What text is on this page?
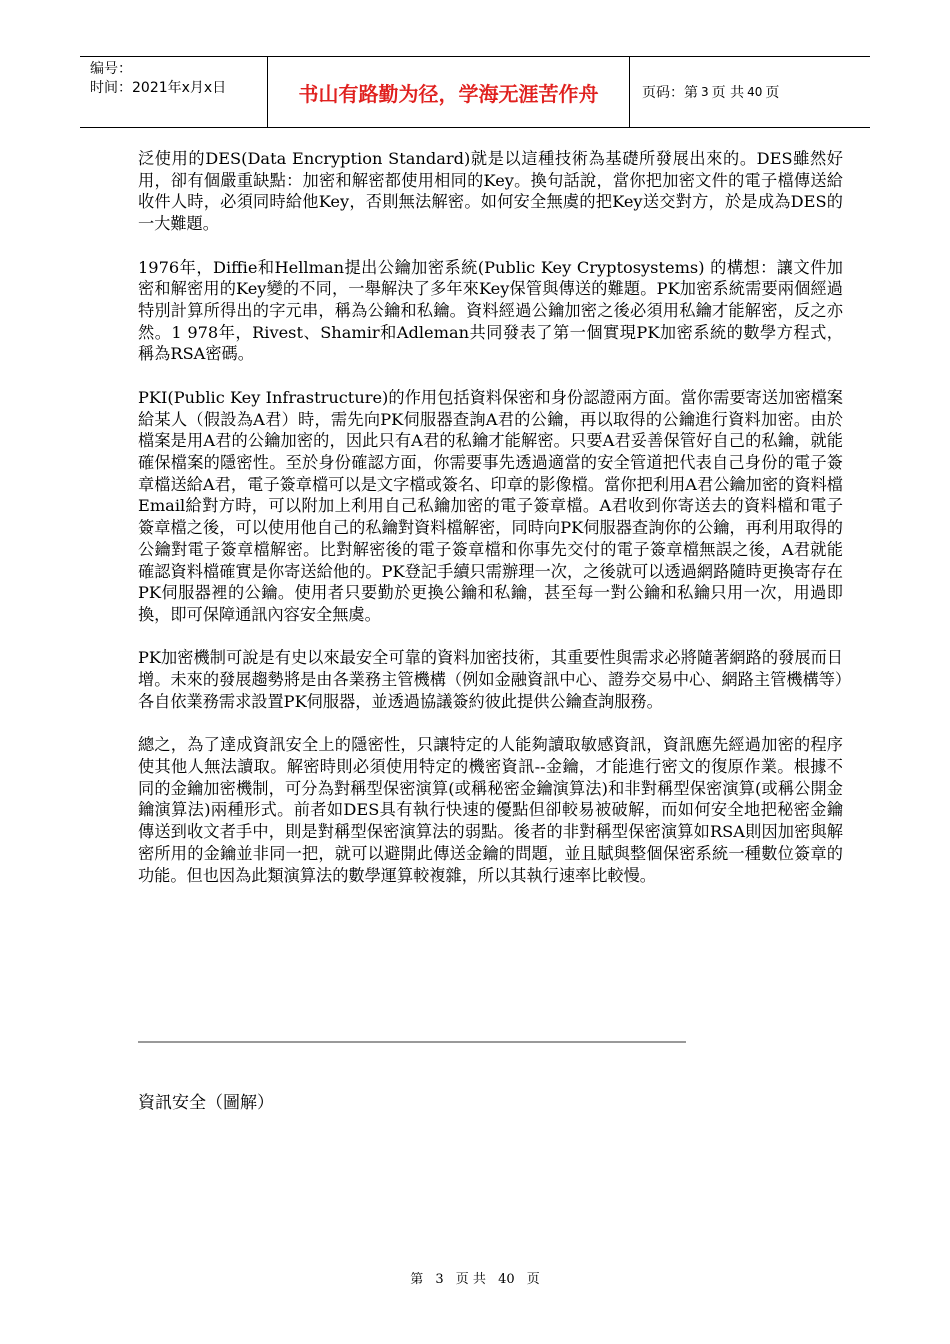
编号：
时间：2021年x月x日	书山有路勤为径，学海无涯苦作舟	页码：第 3 页 共 40 页

泛使用的DES(Data Encryption Standard)就是以這種技術為基礎所發展出來的。DES雖然好用，卻有個嚴重缺點：加密和解密都使用相同的Key。換句話說，當你把加密文件的電子檔傳送給收件人時，必須同時給他Key，否則無法解密。如何安全無虞的把Key送交對方，於是成為DES的一大難題。

1976年，Diffie和Hellman提出公鑰加密系統(Public Key Cryptosystems) 的構想：讓文件加密和解密用的Key變的不同，一舉解決了多年來Key保管與傳送的難題。PK加密系統需要兩個經過特別計算所得出的字元串，稱為公鑰和私鑰。資料經過公鑰加密之後必須用私鑰才能解密，反之亦然。1 978年，Rivest、Shamir和Adleman共同發表了第一個實現PK加密系統的數學方程式，稱為RSA密碼。

PKI(Public Key Infrastructure)的作用包括資料保密和身份認證兩方面。當你需要寄送加密檔案給某人（假設為A君）時，需先向PK伺服器查詢A君的公鑰，再以取得的公鑰進行資料加密。由於檔案是用A君的公鑰加密的，因此只有A君的私鑰才能解密。只要A君妥善保管好自己的私鑰，就能確保檔案的隱密性。至於身份確認方面，你需要事先透過適當的安全管道把代表自己身份的電子簽章檔送給A君，電子簽章檔可以是文字檔或簽名、印章的影像檔。當你把利用A君公鑰加密的資料檔Email給對方時，可以附加上利用自己私鑰加密的電子簽章檔。A君收到你寄送去的資料檔和電子簽章檔之後，可以使用他自己的私鑰對資料檔解密，同時向PK伺服器查詢你的公鑰，再利用取得的公鑰對電子簽章檔解密。比對解密後的電子簽章檔和你事先交付的電子簽章檔無誤之後，A君就能確認資料檔確實是你寄送給他的。PK登記手續只需辦理一次，之後就可以透過網路隨時更換寄存在PK伺服器裡的公鑰。使用者只要勤於更換公鑰和私鑰，甚至每一對公鑰和私鑰只用一次，用過即換，即可保障通訊內容安全無虞。

PK加密機制可說是有史以來最安全可靠的資料加密技術，其重要性與需求必將隨著網路的發展而日增。未來的發展趨勢將是由各業務主管機構（例如金融資訊中心、證券交易中心、網路主管機構等）各自依業務需求設置PK伺服器，並透過協議簽約彼此提供公鑰查詢服務。

總之，為了達成資訊安全上的隱密性，只讓特定的人能夠讀取敏感資訊，資訊應先經過加密的程序使其他人無法讀取。解密時則必須使用特定的機密資訊--金鑰，才能進行密文的復原作業。根據不同的金鑰加密機制，可分為對稱型保密演算(或稱秘密金鑰演算法)和非對稱型保密演算(或稱公開金鑰演算法)兩種形式。前者如DES具有執行快速的優點但卻較易被破解，而如何安全地把秘密金鑰傳送到收文者手中，則是對稱型保密演算法的弱點。後者的非對稱型保密演算如RSA則因加密與解密所用的金鑰並非同一把，就可以避開此傳送金鑰的問題，並且賦與整個保密系統一種數位簽章的功能。但也因為此類演算法的數學運算較複雜，所以其執行速率比較慢。

資訊安全（圖解）
第 3 页 共 40 页
